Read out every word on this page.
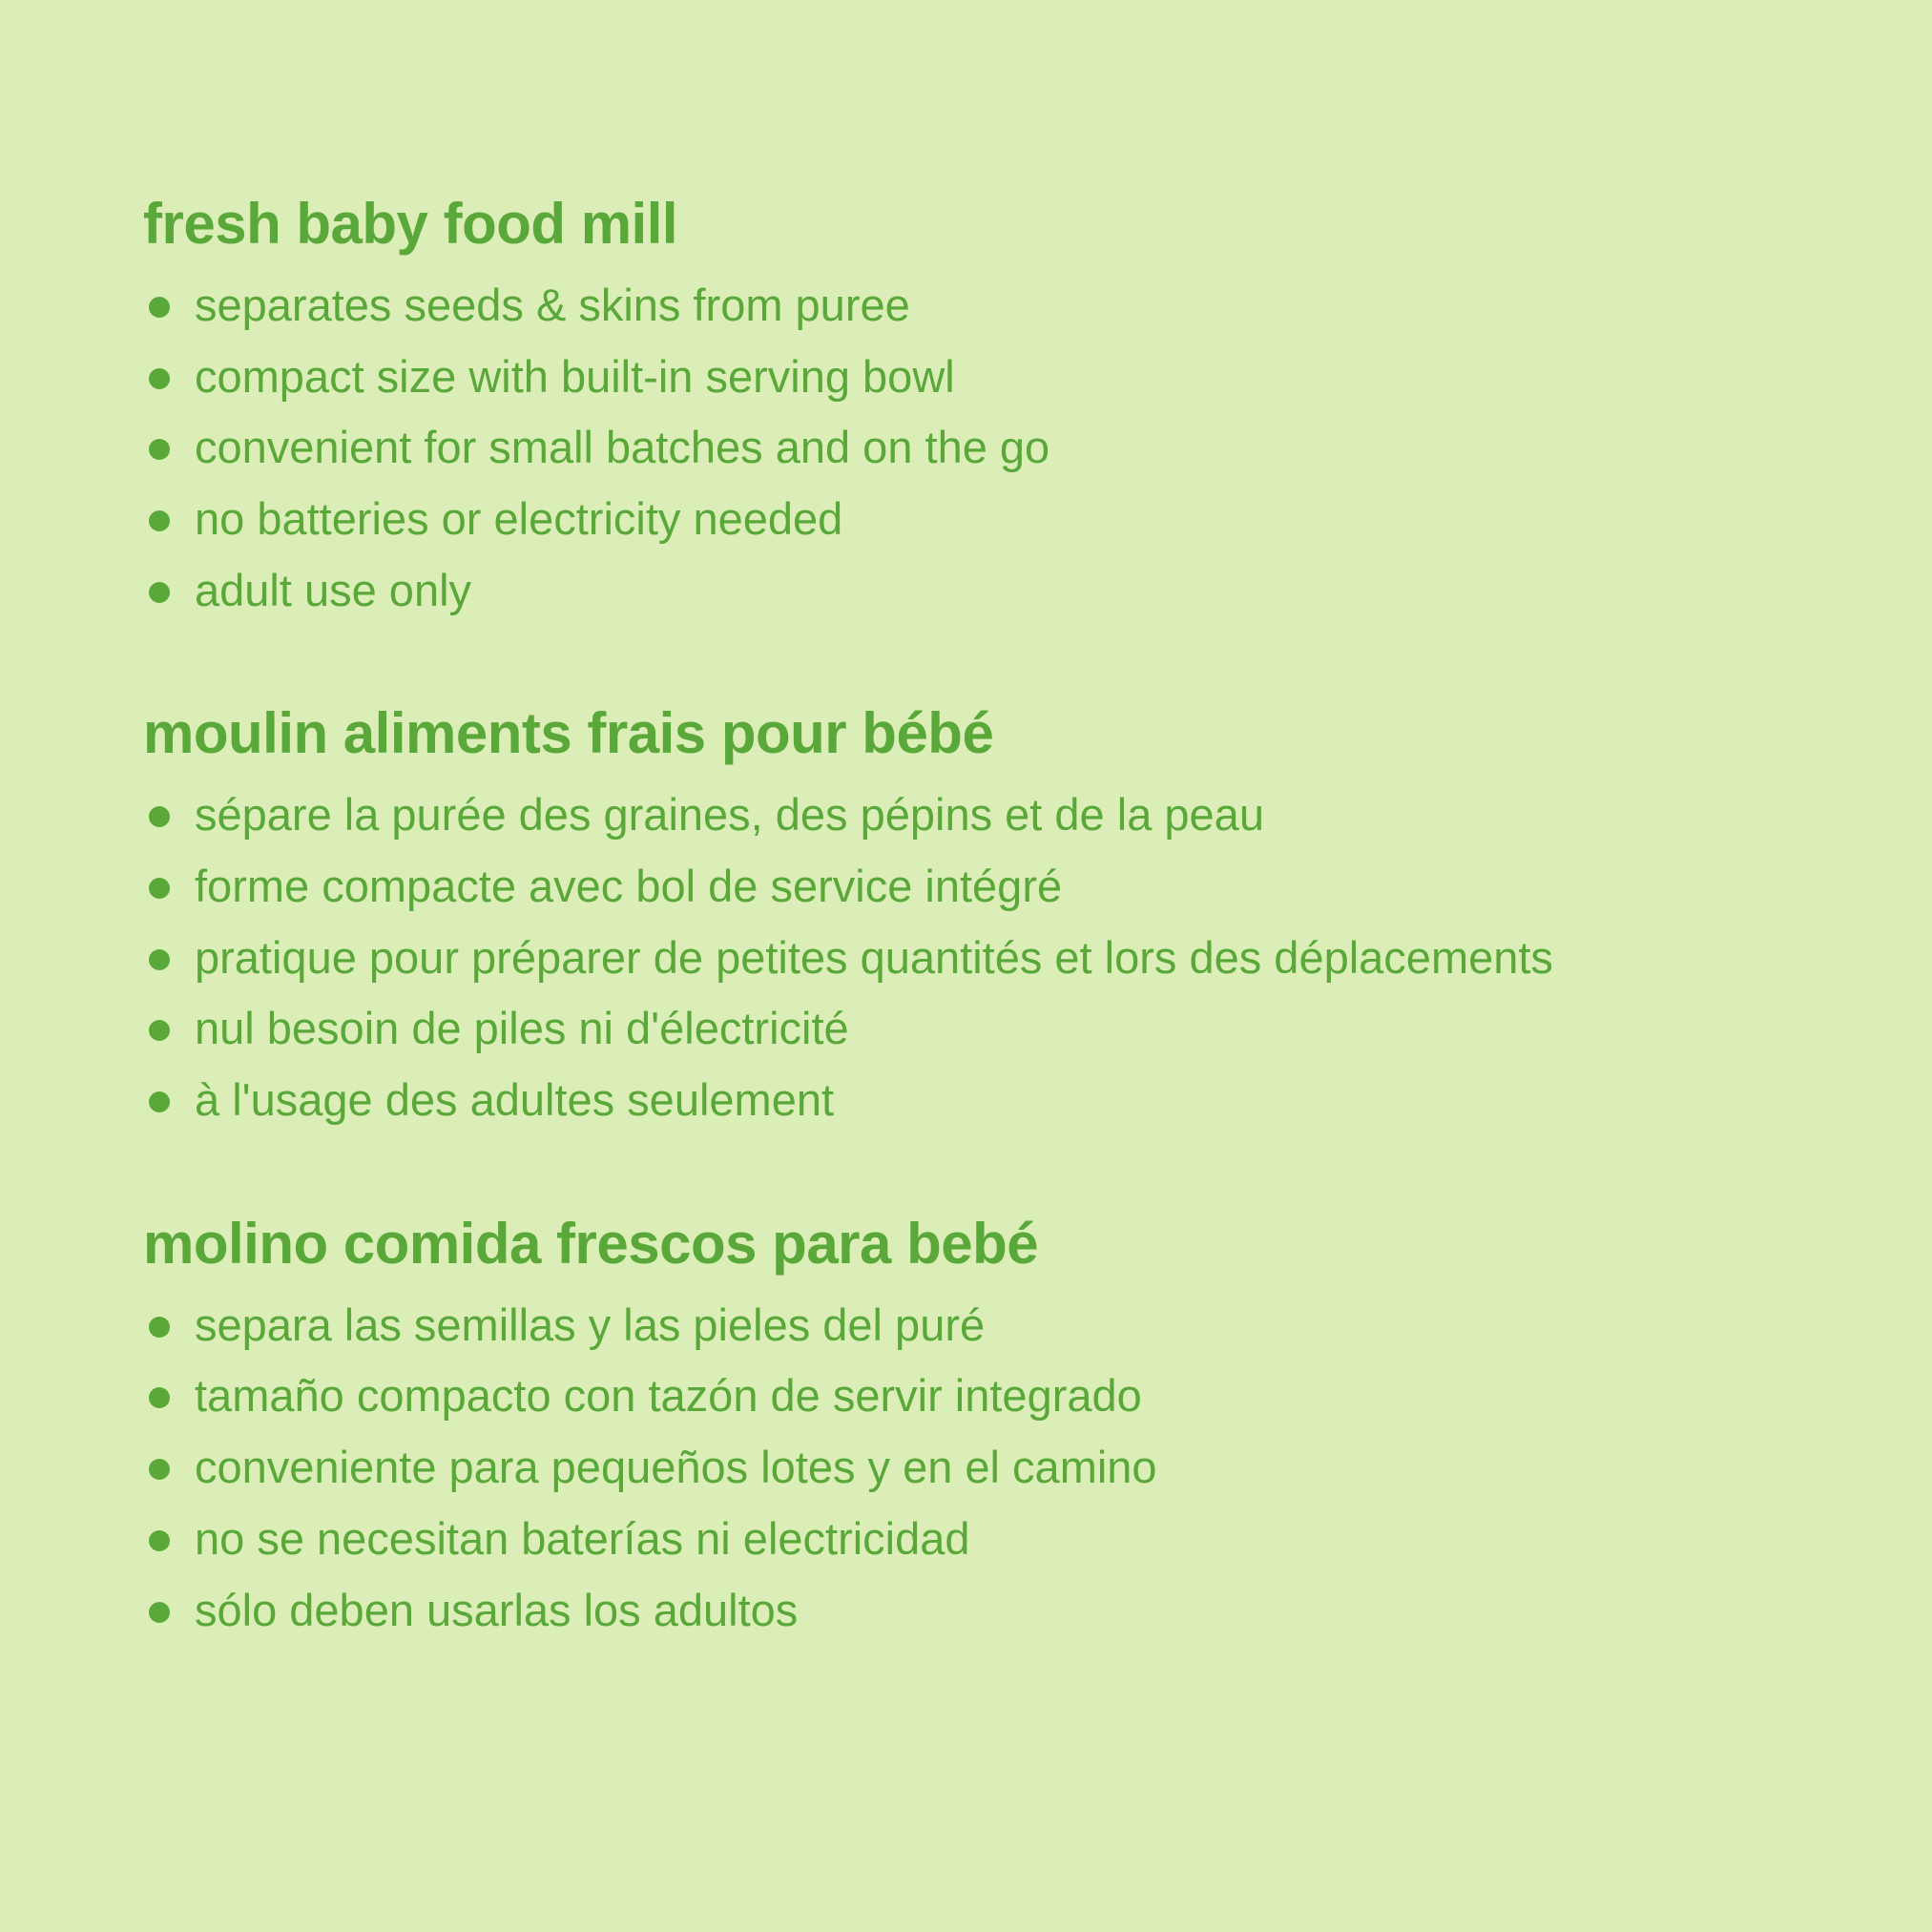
fresh baby food mill
separates seeds & skins from puree
compact size with built-in serving bowl
convenient for small batches and on the go
no batteries or electricity needed
adult use only
moulin aliments frais pour bébé
sépare la purée des graines, des pépins et de la peau
forme compacte avec bol de service intégré
pratique pour préparer de petites quantités et lors des déplacements
nul besoin de piles ni d'électricité
à l'usage des adultes seulement
molino comida frescos para bebé
separa las semillas y las pieles del puré
tamaño compacto con tazón de servir integrado
conveniente para pequeños lotes y en el camino
no se necesitan baterías ni electricidad
sólo deben usarlas los adultos
